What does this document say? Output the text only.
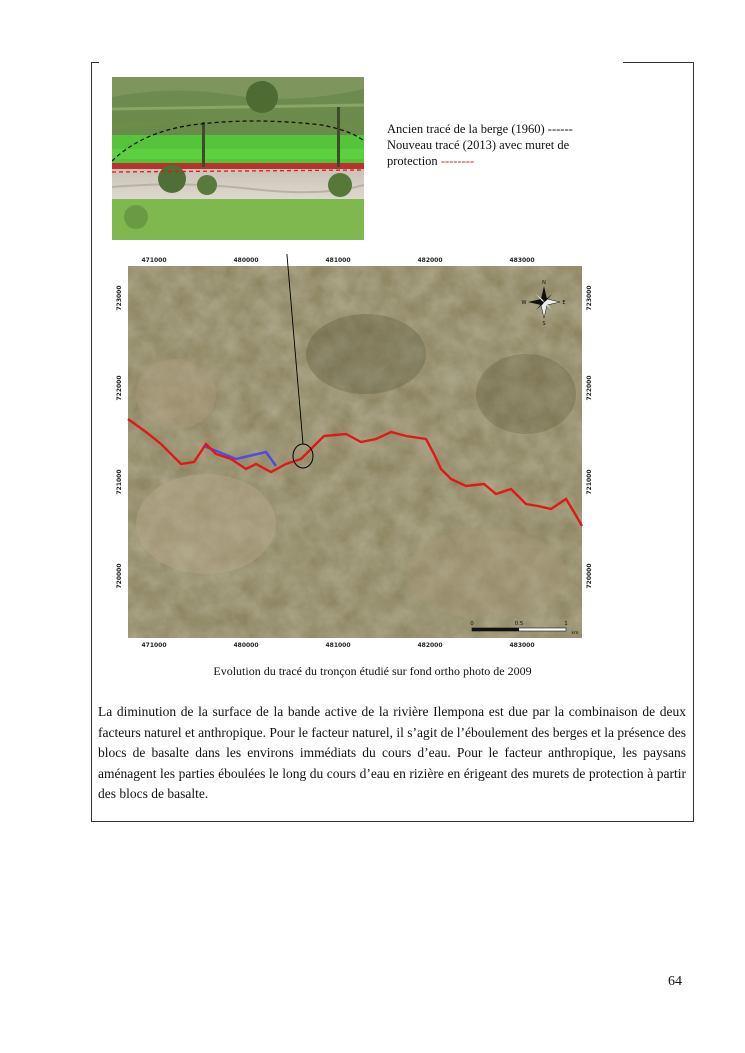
Ancien tracé de la berge (1960) ------
Nouveau tracé (2013) avec muret de
protection --------
N
S
E
W
0	0.5	1
km
471000	480000	481000	482000	483000
471000	480000	481000	482000	483000
723000
722000
721000
720000
723000
722000
721000
720000
Evolution du tracé du tronçon étudié sur fond ortho photo de 2009

La diminution de la surface de la bande active de la rivière Ilempona est due par la combinaison de deux facteurs naturel et anthropique. Pour le facteur naturel, il s’agit de l’éboulement des berges et la présence des blocs de basalte dans les environs immédiats du cours d’eau. Pour le facteur anthropique, les paysans aménagent les parties éboulées le long du cours d’eau en rizière en érigeant des murets de protection à partir des blocs de basalte.

64
